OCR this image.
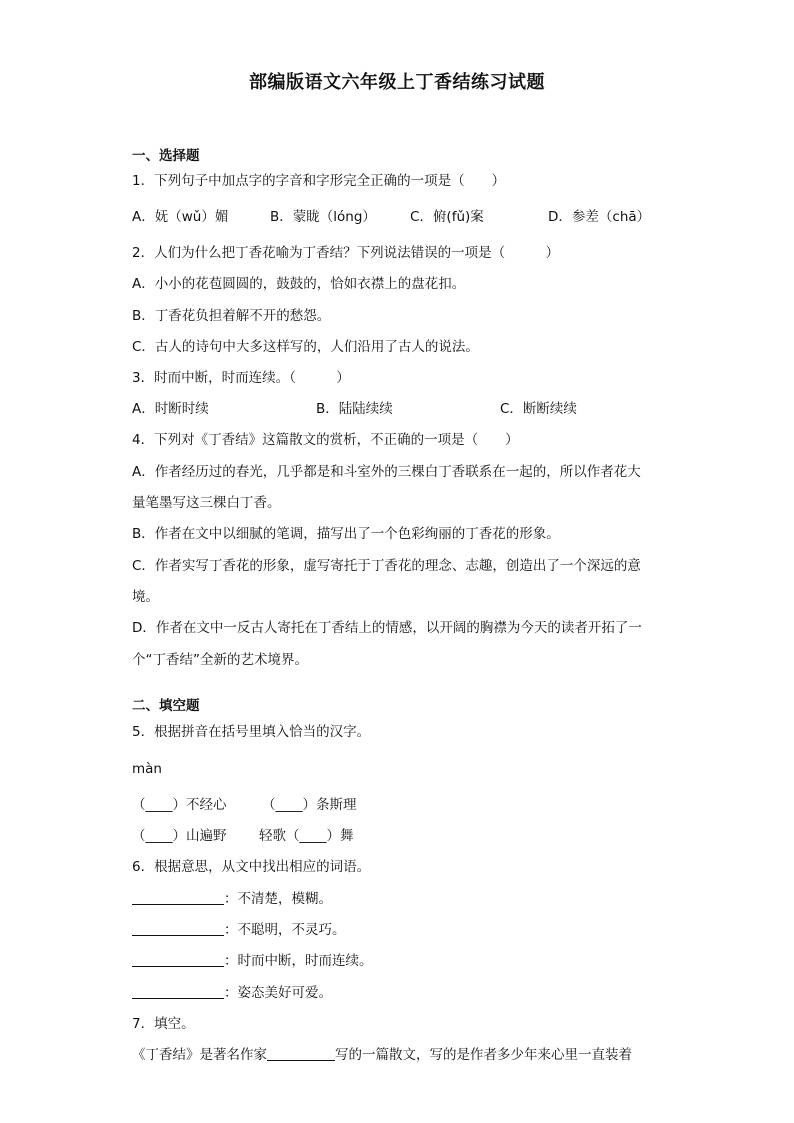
部编版语文六年级上丁香结练习试题
一、选择题
1．下列句子中加点字的字音和字形完全正确的一项是（　　）
A．妩（wǔ）媚	B．蒙眬（lóng）	C．俯(fǔ)案	D．参差（chā）
2．人们为什么把丁香花喻为丁香结？下列说法错误的一项是（　　　）
A．小小的花苞圆圆的，鼓鼓的，恰如衣襟上的盘花扣。
B．丁香花负担着解不开的愁怨。
C．古人的诗句中大多这样写的，人们沿用了古人的说法。
3．时而中断，时而连续。（　　　）
A．时断时续	B．陆陆续续	C．断断续续
4．下列对《丁香结》这篇散文的赏析，不正确的一项是（　　）
A．作者经历过的春光，几乎都是和斗室外的三棵白丁香联系在一起的，所以作者花大
量笔墨写这三棵白丁香。
B．作者在文中以细腻的笔调，描写出了一个色彩绚丽的丁香花的形象。
C．作者实写丁香花的形象，虚写寄托于丁香花的理念、志趣，创造出了一个深远的意
境。
D．作者在文中一反古人寄托在丁香结上的情感，以开阔的胸襟为今天的读者开拓了一
个“丁香结”全新的艺术境界。
二、填空题
5．根据拼音在括号里填入恰当的汉字。
màn
（____）不经心	（____）条斯理
（____）山遍野 轻歌（____）舞
6．根据意思，从文中找出相应的词语。
：不清楚，模糊。
：不聪明，不灵巧。
：时而中断，时而连续。
：姿态美好可爱。
7．填空。
《丁香结》是著名作家	写的一篇散文，写的是作者多少年来心里一直装着
